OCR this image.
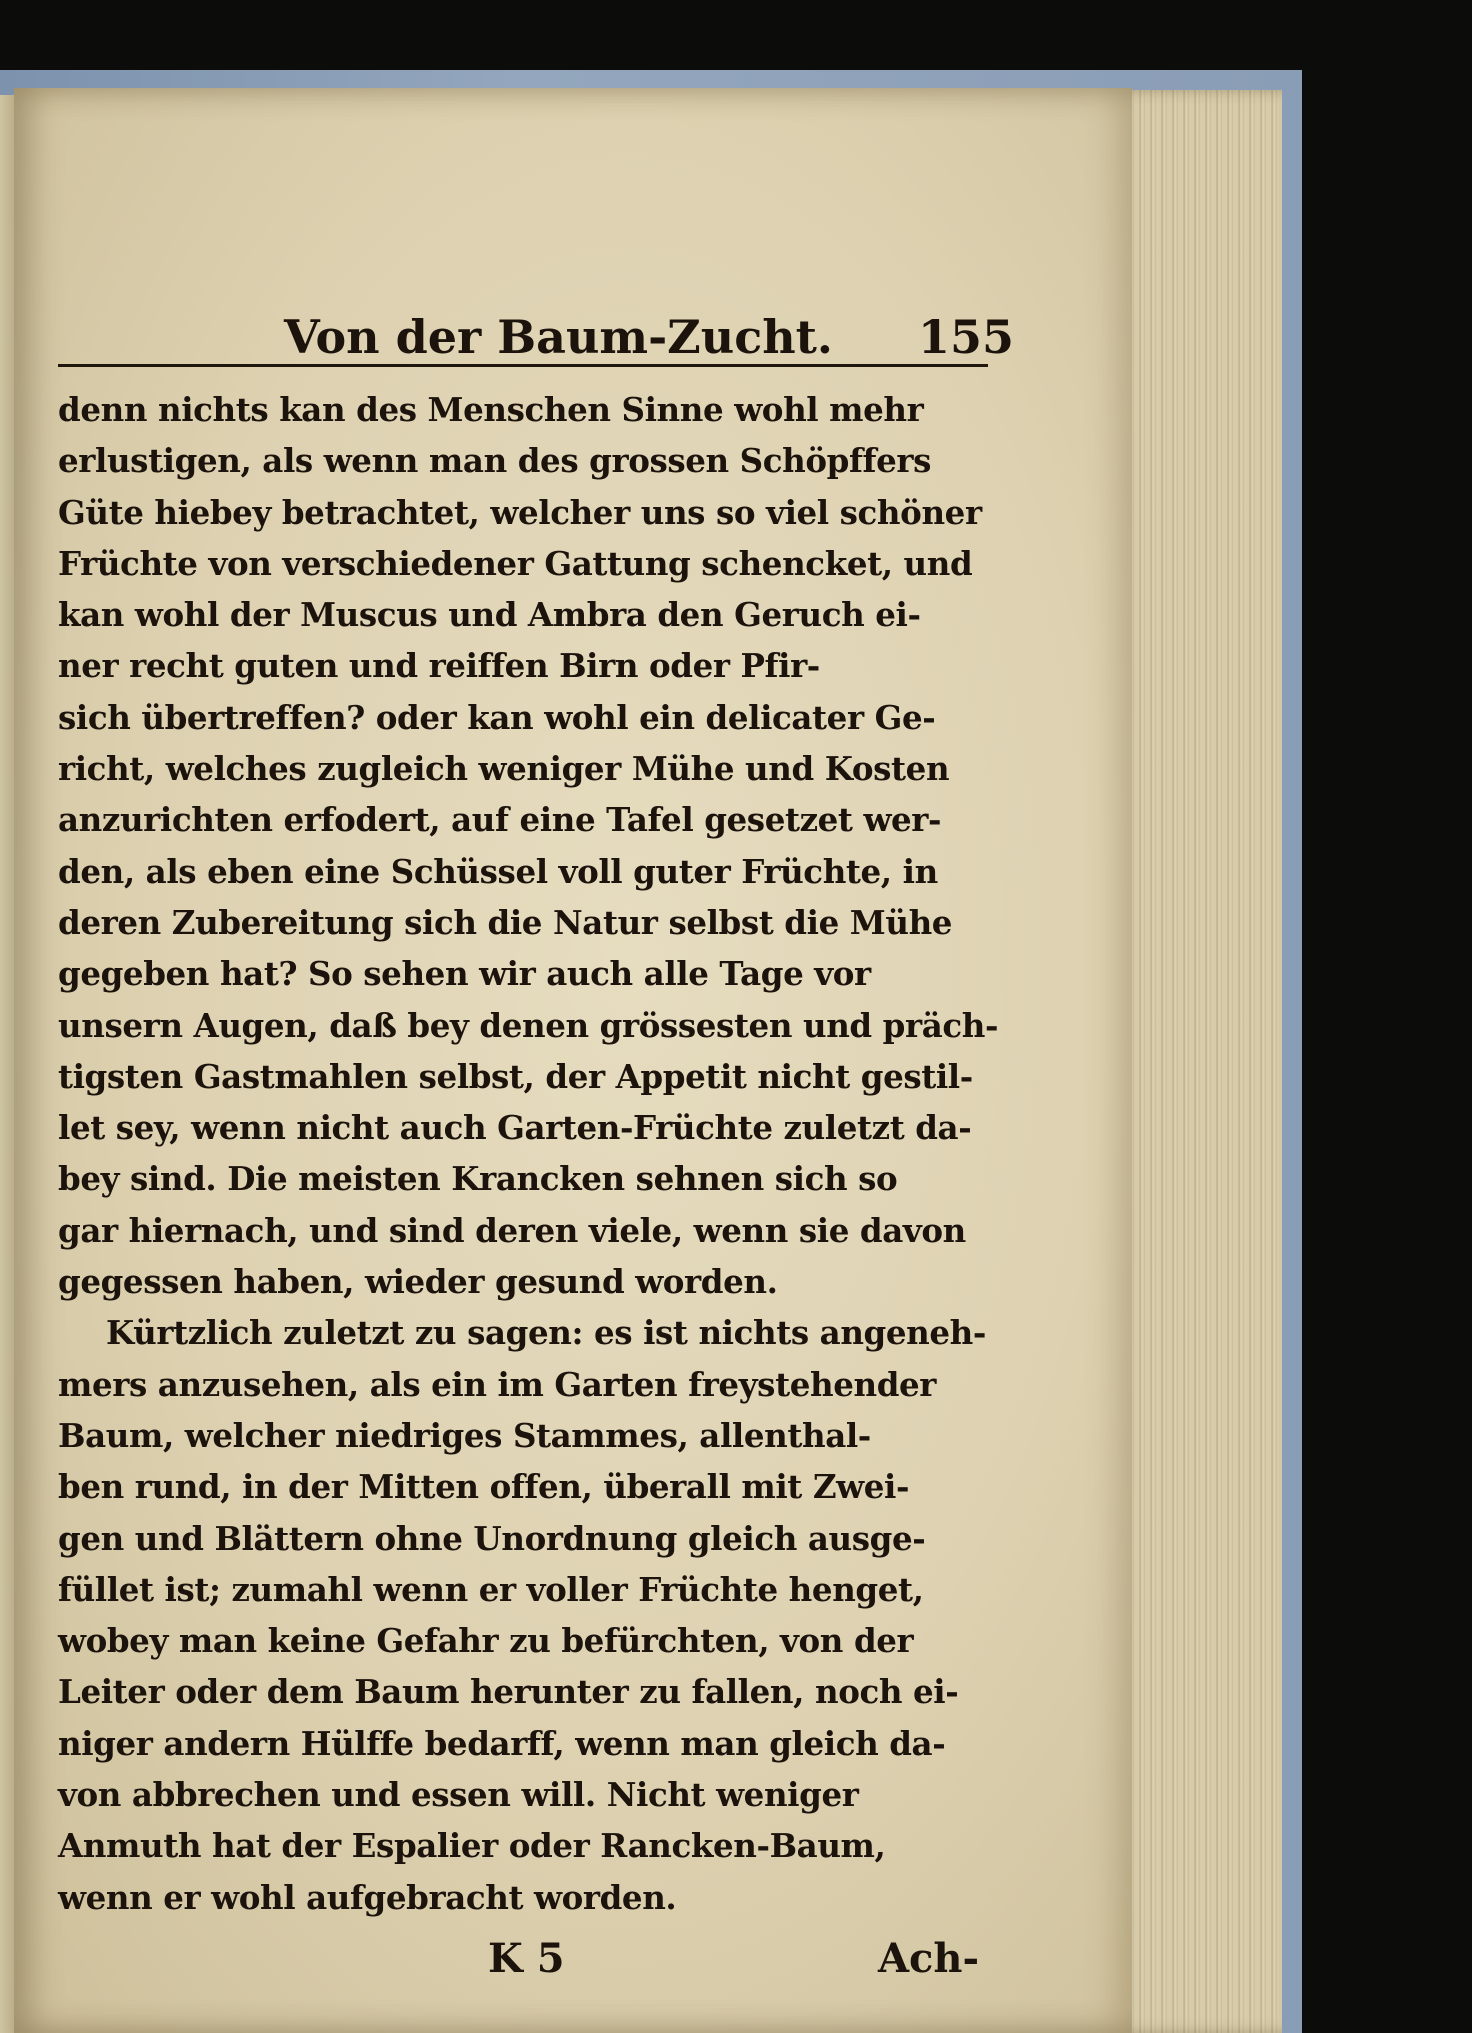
Von der Baum-Zucht. 155
denn nichts kan des Menschen Sinne wohl mehr
erlustigen, als wenn man des grossen Schöpffers
Güte hiebey betrachtet, welcher uns so viel schöner
Früchte von verschiedener Gattung schencket, und
kan wohl der Muscus und Ambra den Geruch ei-
ner recht guten und reiffen Birn oder Pfir-
sich übertreffen? oder kan wohl ein delicater Ge-
richt, welches zugleich weniger Mühe und Kosten
anzurichten erfodert, auf eine Tafel gesetzet wer-
den, als eben eine Schüssel voll guter Früchte, in
deren Zubereitung sich die Natur selbst die Mühe
gegeben hat? So sehen wir auch alle Tage vor
unsern Augen, daß bey denen grössesten und präch-
tigsten Gastmahlen selbst, der Appetit nicht gestil-
let sey, wenn nicht auch Garten-Früchte zuletzt da-
bey sind. Die meisten Krancken sehnen sich so
gar hiernach, und sind deren viele, wenn sie davon
gegessen haben, wieder gesund worden.
Kürtzlich zuletzt zu sagen: es ist nichts angeneh-
mers anzusehen, als ein im Garten freystehender
Baum, welcher niedriges Stammes, allenthal-
ben rund, in der Mitten offen, überall mit Zwei-
gen und Blättern ohne Unordnung gleich ausge-
füllet ist; zumahl wenn er voller Früchte henget,
wobey man keine Gefahr zu befürchten, von der
Leiter oder dem Baum herunter zu fallen, noch ei-
niger andern Hülffe bedarff, wenn man gleich da-
von abbrechen und essen will. Nicht weniger
Anmuth hat der Espalier oder Rancken-Baum,
wenn er wohl aufgebracht worden.
K 5	Ach-
